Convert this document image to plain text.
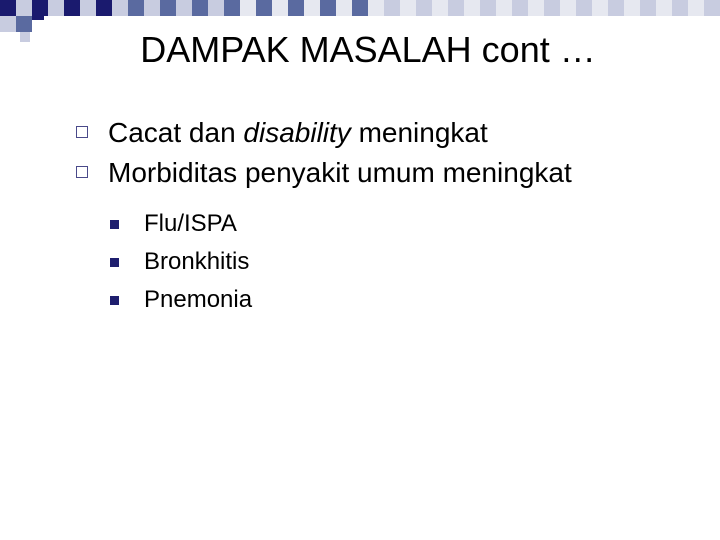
DAMPAK MASALAH cont …
Cacat dan disability meningkat
Morbiditas penyakit umum meningkat
Flu/ISPA
Bronkhitis
Pnemonia
